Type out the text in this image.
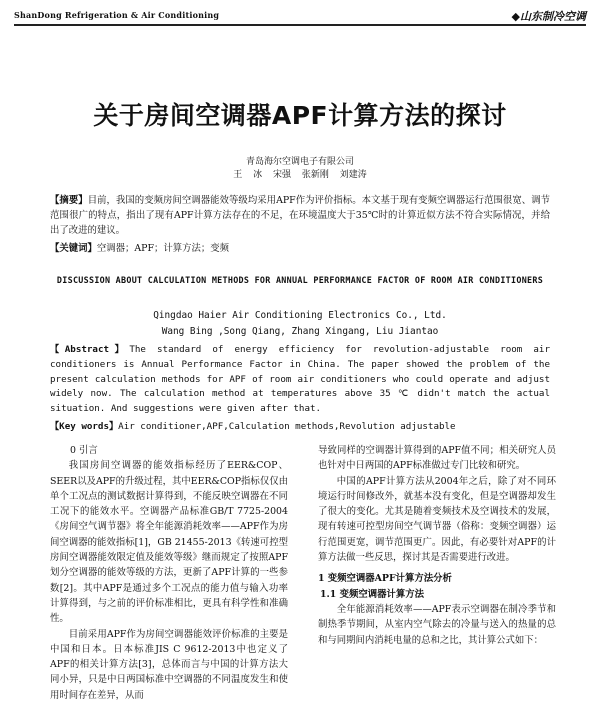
ShanDong Refrigeration & Air Conditioning	◆山东制冷空调
关于房间空调器APF计算方法的探讨
青岛海尔空调电子有限公司
王 冰 宋强 张新刚 刘建涛
【摘要】目前，我国的变频房间空调器能效等级均采用APF作为评价指标。本文基于现有变频空调器运行范围很宽、调节范围很广的特点，指出了现有APF计算方法存在的不足，在环境温度大于35℃时的计算近似方法不符合实际情况，并给出了改进的建议。
【关键词】空调器；APF；计算方法；变频
DISCUSSION ABOUT CALCULATION METHODS FOR ANNUAL PERFORMANCE FACTOR OF ROOM AIR CONDITIONERS
Qingdao Haier Air Conditioning Electronics Co., Ltd.
Wang Bing ,Song Qiang, Zhang Xingang, Liu Jiantao
【Abstract】The standard of energy efficiency for revolution-adjustable room air conditioners is Annual Performance Factor in China. The paper showed the problem of the present calculation methods for APF of room air conditioners who could operate and adjust widely now. The calculation method at temperatures above 35 ℃ didn't match the actual situation. And suggestions were given after that.
【Key words】Air conditioner,APF,Calculation methods,Revolution adjustable
0 引言

我国房间空调器的能效指标经历了EER&COP、SEER以及APF的升级过程，其中EER&COP指标仅仅由单个工况点的测试数据计算得到，不能反映空调器在不同工况下的能效水平。空调器产品标准GB/T 7725-2004《房间空气调节器》将全年能源消耗效率——APF作为房间空调器的能效指标[1]，GB 21455-2013《转速可控型房间空调器能效限定值及能效等级》继而规定了按照APF划分空调器的能效等级的方法，更新了APF计算的一些参数[2]。其中APF是通过多个工况点的能力值与输入功率计算得到，与之前的评价标准相比，更具有科学性和准确性。

目前采用APF作为房间空调器能效评价标准的主要是中国和日本。日本标准JIS C 9612-2013中也定义了APF的相关计算方法[3]，总体而言与中国的计算方法大同小异，只是中日两国标准中空调器的不同温度发生和使用时间存在差异，从而

导致同样的空调器计算得到的APF值不同；相关研究人员也针对中日两国的APF标准做过专门比较和研究。

中国的APF计算方法从2004年之后，除了对不同环境运行时间修改外，就基本没有变化，但是空调器却发生了很大的变化。尤其是随着变频技术及空调技术的发展，现有转速可控型房间空气调节器（俗称：变频空调器）运行范围更宽，调节范围更广。因此，有必要针对APF的计算方法做一些反思，探讨其是否需要进行改进。

1 变频空调器APF计算方法分析
1.1 变频空调器计算方法

全年能源消耗效率——APF表示空调器在制冷季节和制热季节期间，从室内空气除去的冷量与送入的热量的总和与同期间内消耗电量的总和之比，其计算公式如下：
